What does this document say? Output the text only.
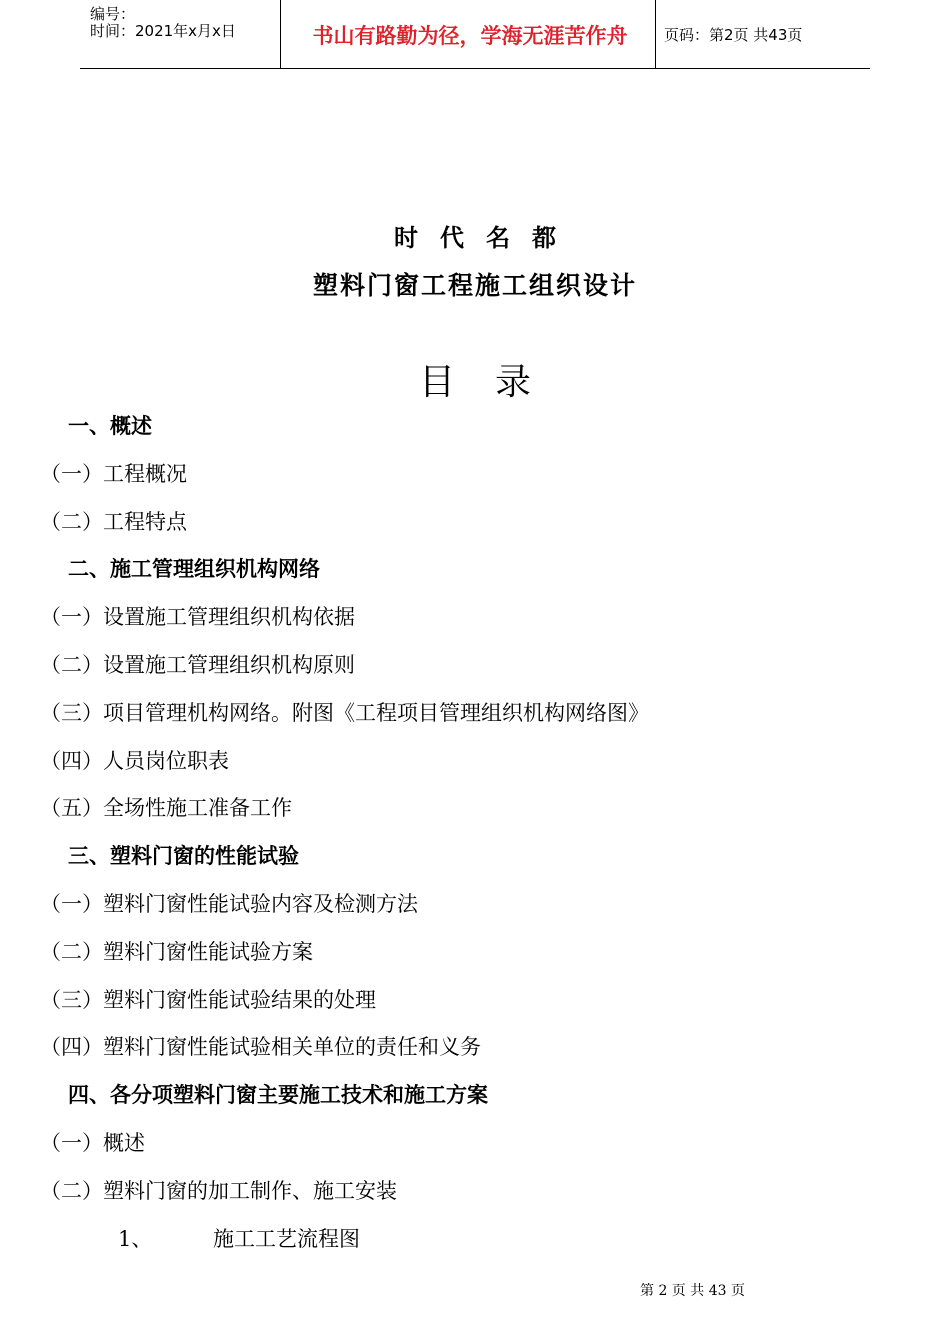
编号：
时间：2021年x月x日	书山有路勤为径，学海无涯苦作舟	页码：第2页 共43页
时代名都
塑料门窗工程施工组织设计
目录
一、概述
（一）工程概况
（二）工程特点
二、施工管理组织机构网络
（一）设置施工管理组织机构依据
（二）设置施工管理组织机构原则
（三）项目管理机构网络。附图《工程项目管理组织机构网络图》
（四）人员岗位职表
（五）全场性施工准备工作
三、塑料门窗的性能试验
（一）塑料门窗性能试验内容及检测方法
（二）塑料门窗性能试验方案
（三）塑料门窗性能试验结果的处理
（四）塑料门窗性能试验相关单位的责任和义务
四、各分项塑料门窗主要施工技术和施工方案
（一）概述
（二）塑料门窗的加工制作、施工安装
1、	施工工艺流程图
第 2 页 共 43 页
